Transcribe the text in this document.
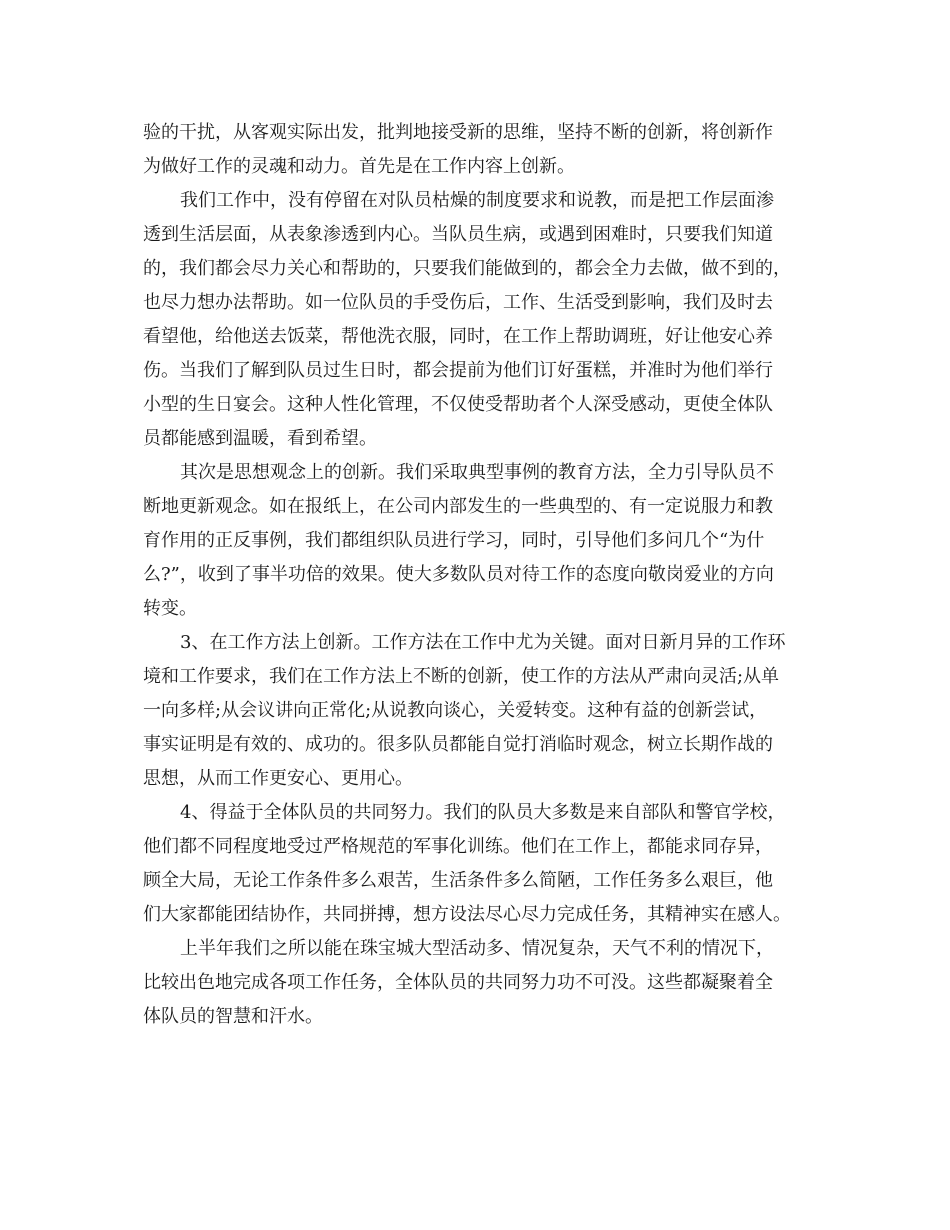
验的干扰，从客观实际出发，批判地接受新的思维，坚持不断的创新，将创新作
为做好工作的灵魂和动力。首先是在工作内容上创新。
我们工作中，没有停留在对队员枯燥的制度要求和说教，而是把工作层面渗
透到生活层面，从表象渗透到内心。当队员生病，或遇到困难时，只要我们知道
的，我们都会尽力关心和帮助的，只要我们能做到的，都会全力去做，做不到的，
也尽力想办法帮助。如一位队员的手受伤后，工作、生活受到影响，我们及时去
看望他，给他送去饭菜，帮他洗衣服，同时，在工作上帮助调班，好让他安心养
伤。当我们了解到队员过生日时，都会提前为他们订好蛋糕，并准时为他们举行
小型的生日宴会。这种人性化管理，不仅使受帮助者个人深受感动，更使全体队
员都能感到温暖，看到希望。
其次是思想观念上的创新。我们采取典型事例的教育方法，全力引导队员不
断地更新观念。如在报纸上，在公司内部发生的一些典型的、有一定说服力和教
育作用的正反事例，我们都组织队员进行学习，同时，引导他们多问几个“为什
么?”，收到了事半功倍的效果。使大多数队员对待工作的态度向敬岗爱业的方向
转变。
3、在工作方法上创新。工作方法在工作中尤为关键。面对日新月异的工作环
境和工作要求，我们在工作方法上不断的创新，使工作的方法从严肃向灵活;从单
一向多样;从会议讲向正常化;从说教向谈心，关爱转变。这种有益的创新尝试，
事实证明是有效的、成功的。很多队员都能自觉打消临时观念，树立长期作战的
思想，从而工作更安心、更用心。
4、得益于全体队员的共同努力。我们的队员大多数是来自部队和警官学校，
他们都不同程度地受过严格规范的军事化训练。他们在工作上，都能求同存异，
顾全大局，无论工作条件多么艰苦，生活条件多么简陋，工作任务多么艰巨，他
们大家都能团结协作，共同拼搏，想方设法尽心尽力完成任务，其精神实在感人。
上半年我们之所以能在珠宝城大型活动多、情况复杂，天气不利的情况下，
比较出色地完成各项工作任务，全体队员的共同努力功不可没。这些都凝聚着全
体队员的智慧和汗水。
